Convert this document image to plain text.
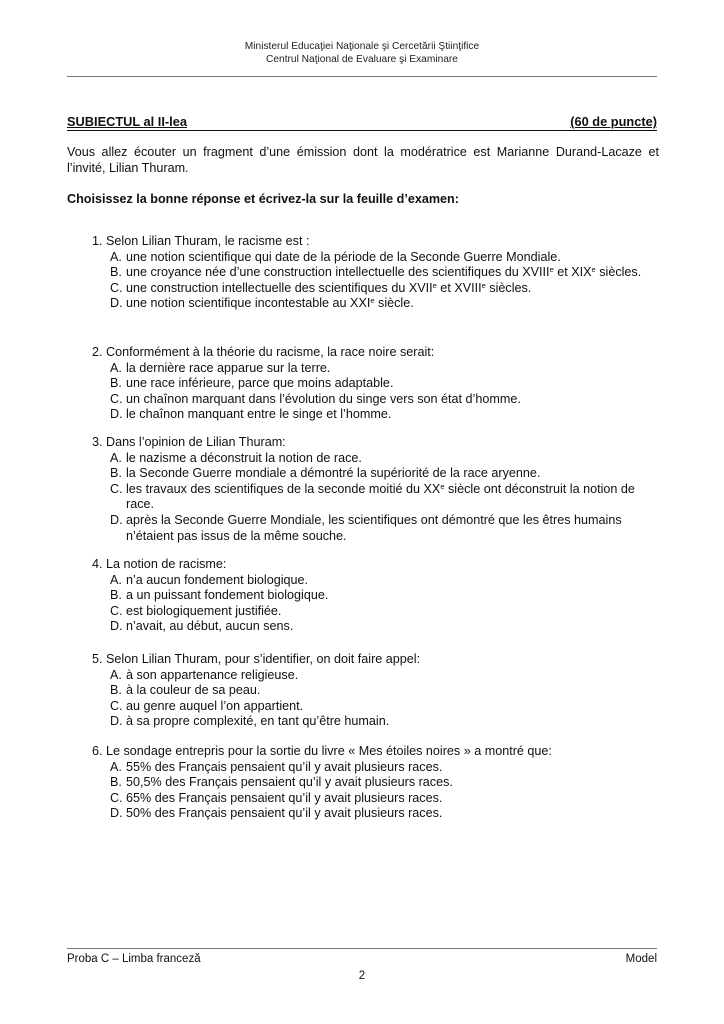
Ministerul Educaţiei Naţionale şi Cercetării Ştiinţifice
Centrul Naţional de Evaluare şi Examinare
SUBIECTUL al II-lea	(60 de puncte)
Vous allez écouter un fragment d’une émission dont la modératrice est Marianne Durand-Lacaze et l’invité, Lilian Thuram.
Choisissez la bonne réponse et écrivez-la sur la feuille d’examen:
1. Selon Lilian Thuram, le racisme est :
A. une notion scientifique qui date de la période de la Seconde Guerre Mondiale.
B. une croyance née d’une construction intellectuelle des scientifiques du XVIIIe et XIXe siècles.
C. une construction intellectuelle des scientifiques du XVIIe et XVIIIe siècles.
D. une notion scientifique incontestable au XXIe siècle.
2. Conformément à la théorie du racisme, la race noire serait:
A. la dernière race apparue sur la terre.
B. une race inférieure, parce que moins adaptable.
C. un chaînon marquant dans l’évolution du singe vers son état d’homme.
D. le chaînon manquant entre le singe et l’homme.
3. Dans l’opinion de Lilian Thuram:
A. le nazisme a déconstruit la notion de race.
B. la Seconde Guerre mondiale a démontré la supériorité de la race aryenne.
C. les travaux des scientifiques de la seconde moitié du XXe siècle ont déconstruit la notion de race.
D. après la Seconde Guerre Mondiale, les scientifiques ont démontré que les êtres humains n’étaient pas issus de la même souche.
4. La notion de racisme:
A. n’a aucun fondement biologique.
B. a un puissant fondement biologique.
C. est biologiquement justifiée.
D. n’avait, au début, aucun sens.
5. Selon Lilian Thuram, pour s’identifier, on doit faire appel:
A. à son appartenance religieuse.
B. à la couleur de sa peau.
C. au genre auquel l’on appartient.
D. à sa propre complexité, en tant qu’être humain.
6. Le sondage entrepris pour la sortie du livre « Mes étoiles noires » a montré que:
A. 55% des Français pensaient qu’il y avait plusieurs races.
B. 50,5% des Français pensaient qu’il y avait plusieurs races.
C. 65% des Français pensaient qu’il y avait plusieurs races.
D. 50% des Français pensaient qu’il y avait plusieurs races.
Proba C – Limba franceză	Model
2
